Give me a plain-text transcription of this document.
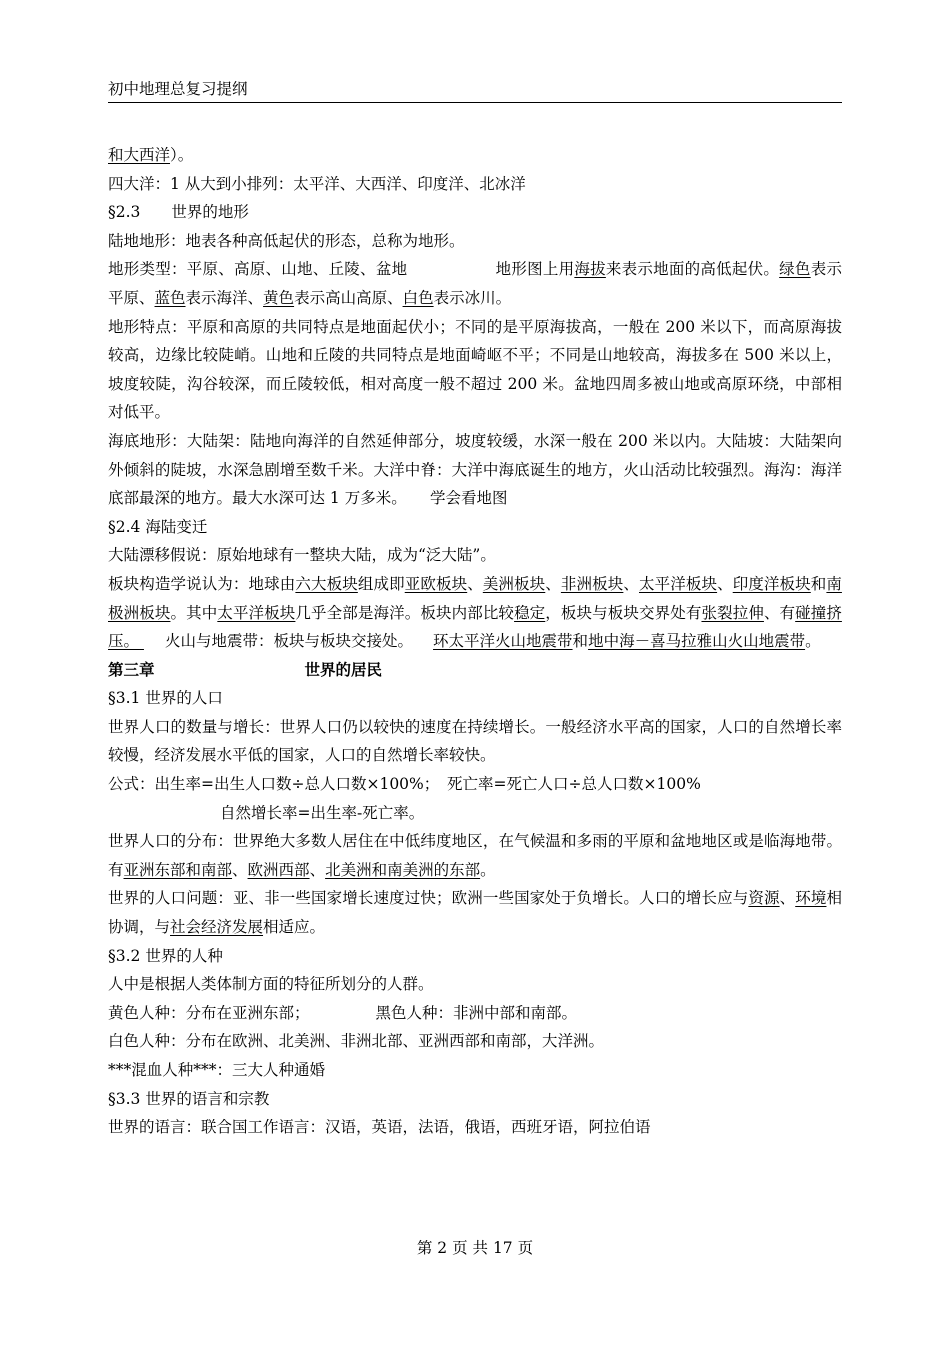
初中地理总复习提纲
和大西洋）。
四大洋：1 从大到小排列：太平洋、大西洋、印度洋、北冰洋
§2.3　　世界的地形
陆地地形：地表各种高低起伏的形态，总称为地形。
地形类型：平原、高原、山地、丘陵、盆地	地形图上用海拔来表示地面的高低起伏。绿色表示平原、蓝色表示海洋、黄色表示高山高原、白色表示冰川。
地形特点：平原和高原的共同特点是地面起伏小；不同的是平原海拔高，一般在 200 米以下，而高原海拔较高，边缘比较陡峭。山地和丘陵的共同特点是地面崎岖不平；不同是山地较高，海拔多在 500 米以上，坡度较陡，沟谷较深，而丘陵较低，相对高度一般不超过 200 米。盆地四周多被山地或高原环绕，中部相对低平。
海底地形：大陆架：陆地向海洋的自然延伸部分，坡度较缓，水深一般在 200 米以内。大陆坡：大陆架向外倾斜的陡坡，水深急剧增至数千米。大洋中脊：大洋中海底诞生的地方，火山活动比较强烈。海沟：海洋底部最深的地方。最大水深可达 1 万多米。　　学会看地图
§2.4 海陆变迁
大陆漂移假说：原始地球有一整块大陆，成为“泛大陆”。
板块构造学说认为：地球由六大板块组成即亚欧板块、美洲板块、非洲板块、太平洋板块、印度洋板块和南极洲板块。其中太平洋板块几乎全部是海洋。板块内部比较稳定，板块与板块交界处有张裂拉伸、有碰撞挤压。 火山与地震带：板块与板块交接处。 环太平洋火山地震带和地中海－喜马拉雅山火山地震带。
第三章	世界的居民
§3.1 世界的人口
世界人口的数量与增长：世界人口仍以较快的速度在持续增长。一般经济水平高的国家，人口的自然增长率较慢，经济发展水平低的国家，人口的自然增长率较快。
公式：出生率=出生人口数÷总人口数×100%；　死亡率=死亡人口÷总人口数×100%
自然增长率=出生率-死亡率。
世界人口的分布：世界绝大多数人居住在中低纬度地区，在气候温和多雨的平原和盆地地区或是临海地带。有亚洲东部和南部、欧洲西部、北美洲和南美洲的东部。
世界的人口问题：亚、非一些国家增长速度过快；欧洲一些国家处于负增长。人口的增长应与资源、环境相协调，与社会经济发展相适应。
§3.2 世界的人种
人中是根据人类体制方面的特征所划分的人群。
黄色人种：分布在亚洲东部；	黑色人种：非洲中部和南部。
白色人种：分布在欧洲、北美洲、非洲北部、亚洲西部和南部，大洋洲。
***混血人种***：三大人种通婚
§3.3 世界的语言和宗教
世界的语言：联合国工作语言：汉语，英语，法语，俄语，西班牙语，阿拉伯语
第 2 页 共 17 页
